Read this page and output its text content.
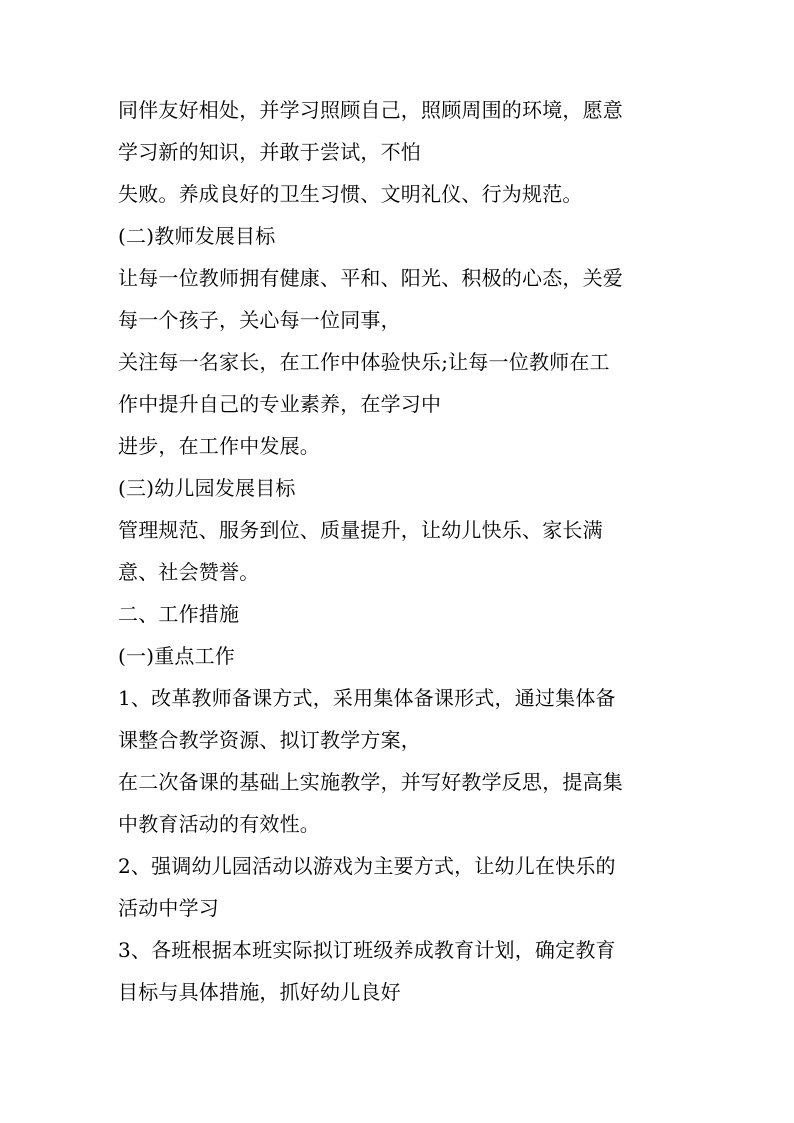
同伴友好相处，并学习照顾自己，照顾周围的环境，愿意
学习新的知识，并敢于尝试，不怕
失败。养成良好的卫生习惯、文明礼仪、行为规范。
(二)教师发展目标
让每一位教师拥有健康、平和、阳光、积极的心态，关爱
每一个孩子，关心每一位同事，
关注每一名家长，在工作中体验快乐;让每一位教师在工
作中提升自己的专业素养，在学习中
进步，在工作中发展。
(三)幼儿园发展目标
管理规范、服务到位、质量提升，让幼儿快乐、家长满
意、社会赞誉。
二、工作措施
(一)重点工作
1、改革教师备课方式，采用集体备课形式，通过集体备
课整合教学资源、拟订教学方案，
在二次备课的基础上实施教学，并写好教学反思，提高集
中教育活动的有效性。
2、强调幼儿园活动以游戏为主要方式，让幼儿在快乐的
活动中学习
3、各班根据本班实际拟订班级养成教育计划，确定教育
目标与具体措施，抓好幼儿良好
